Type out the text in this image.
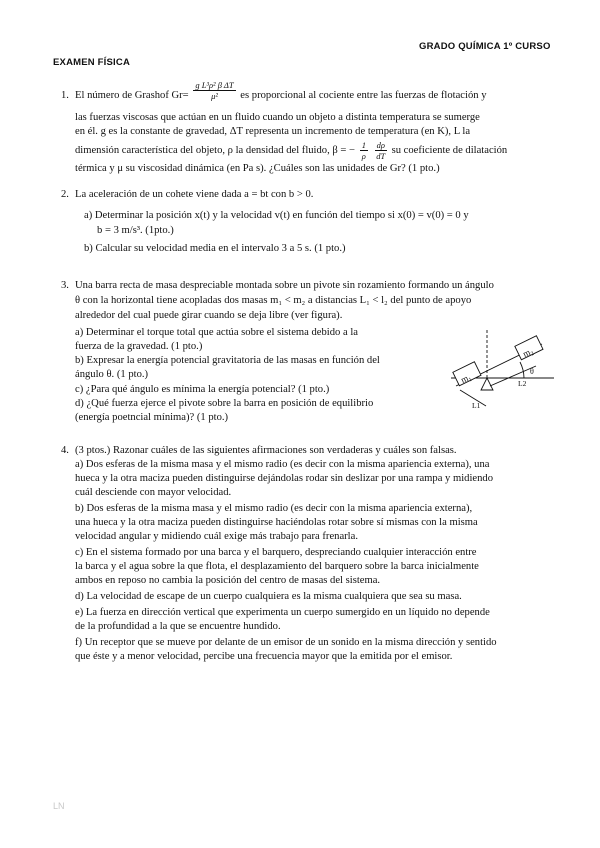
GRADO QUÍMICA 1º CURSO
EXAMEN FÍSICA
1. El número de Grashof $Gr= \frac{\text{g L³ρ² β ΔT}}{\text{μ²}}$ es proporcional al cociente entre las fuerzas de flotación y
las fuerzas viscosas que actúan en un fluido cuando un objeto a distinta temperatura se sumerge
en él. g es la constante de gravedad, ΔT representa un incremento de temperatura (en K), L la
dimensión característica del objeto, ρ la densidad del fluido, β = − $\frac{1}{\rho}$
$\frac{d\rho}{dT}$ su coeficiente de dilatación
térmica y μ su viscosidad dinámica (en Pa s). ¿Cuáles son las unidades de Gr? (1 pto.)
2. La aceleración de un cohete viene dada a = bt con b > 0.
a) Determinar la posición x(t) y la velocidad v(t) en función del tiempo si x(0) = v(0) = 0 y
b = 3 m/s³. (1pto.)
b) Calcular su velocidad media en el intervalo 3 a 5 s. (1 pto.)
3. Una barra recta de masa despreciable montada sobre un pivote sin rozamiento formando un ángulo
θ con la horizontal tiene acopladas dos masas m₁ < m₂ a distancias L₁ < l₂ del punto de apoyo
alrededor del cual puede girar cuando se deja libre (ver figura).
a) Determinar el torque total que actúa sobre el sistema debido a la
fuerza de la gravedad. (1 pto.)
b) Expresar la energía potencial gravitatoria de las masas en función del
ángulo θ. (1 pto.)
c) ¿Para qué ángulo es mínima la energía potencial? (1 pto.)
d) ¿Qué fuerza ejerce el pivote sobre la barra en posición de equilibrio
(energía poetncial mínima)? (1 pto.)
m₁
m₂
L1
L2
θ
4. (3 ptos.) Razonar cuáles de las siguientes afirmaciones son verdaderas y cuáles son falsas.
a) Dos esferas de la misma masa y el mismo radio (es decir con la misma apariencia externa), una
hueca y la otra maciza pueden distinguirse dejándolas rodar sin deslizar por una rampa y midiendo
cuál desciende con mayor velocidad.
b) Dos esferas de la misma masa y el mismo radio (es decir con la misma apariencia externa),
una hueca y la otra maciza pueden distinguirse haciéndolas rotar sobre sí mismas con la misma
velocidad angular y midiendo cuál exige más trabajo para frenarla.
c) En el sistema formado por una barca y el barquero, despreciando cualquier interacción entre
la barca y el agua sobre la que flota, el desplazamiento del barquero sobre la barca inicialmente
ambos en reposo no cambia la posición del centro de masas del sistema.
d) La velocidad de escape de un cuerpo cualquiera es la misma cualquiera que sea su masa.
e) La fuerza en dirección vertical que experimenta un cuerpo sumergido en un líquido no depende
de la profundidad a la que se encuentre hundido.
f) Un receptor que se mueve por delante de un emisor de un sonido en la misma dirección y sentido
que éste y a menor velocidad, percibe una frecuencia mayor que la emitida por el emisor.
LN
